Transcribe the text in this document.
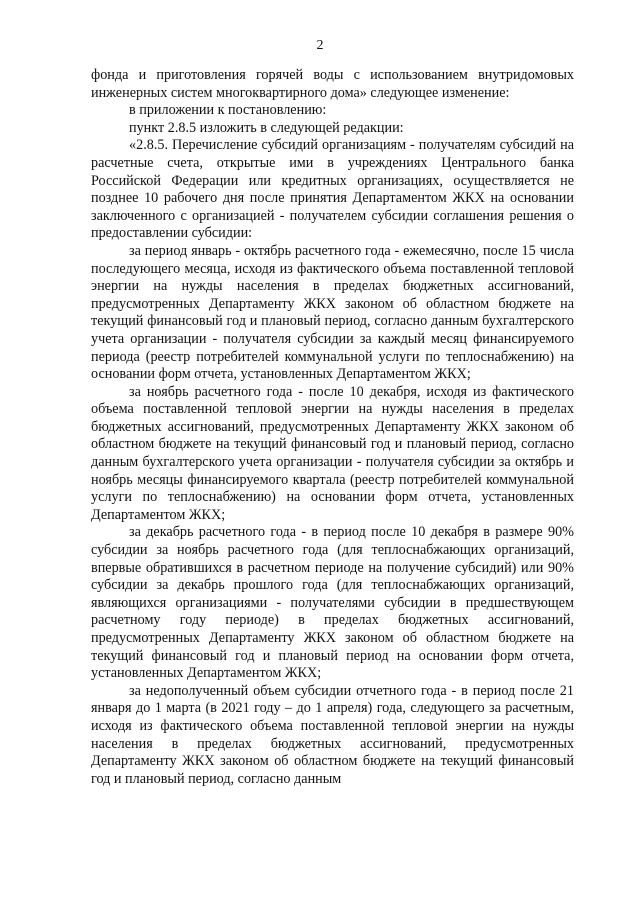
2

фонда и приготовления горячей воды с использованием внутридомовых инженерных систем многоквартирного дома» следующее изменение:

в приложении к постановлению:

пункт 2.8.5 изложить в следующей редакции:

«2.8.5. Перечисление субсидий организациям - получателям субсидий на расчетные счета, открытые ими в учреждениях Центрального банка Российской Федерации или кредитных организациях, осуществляется не позднее 10 рабочего дня после принятия Департаментом ЖКХ на основании заключенного с организацией - получателем субсидии соглашения решения о предоставлении субсидии:

за период январь - октябрь расчетного года - ежемесячно, после 15 числа последующего месяца, исходя из фактического объема поставленной тепловой энергии на нужды населения в пределах бюджетных ассигнований, предусмотренных Департаменту ЖКХ законом об областном бюджете на текущий финансовый год и плановый период, согласно данным бухгалтерского учета организации - получателя субсидии за каждый месяц финансируемого периода (реестр потребителей коммунальной услуги по теплоснабжению) на основании форм отчета, установленных Департаментом ЖКХ;

за ноябрь расчетного года - после 10 декабря, исходя из фактического объема поставленной тепловой энергии на нужды населения в пределах бюджетных ассигнований, предусмотренных Департаменту ЖКХ законом об областном бюджете на текущий финансовый год и плановый период, согласно данным бухгалтерского учета организации - получателя субсидии за октябрь и ноябрь месяцы финансируемого квартала (реестр потребителей коммунальной услуги по теплоснабжению) на основании форм отчета, установленных Департаментом ЖКХ;

за декабрь расчетного года - в период после 10 декабря в размере 90% субсидии за ноябрь расчетного года (для теплоснабжающих организаций, впервые обратившихся в расчетном периоде на получение субсидий) или 90% субсидии за декабрь прошлого года (для теплоснабжающих организаций, являющихся организациями - получателями субсидии в предшествующем расчетному году периоде) в пределах бюджетных ассигнований, предусмотренных Департаменту ЖКХ законом об областном бюджете на текущий финансовый год и плановый период на основании форм отчета, установленных Департаментом ЖКХ;

за недополученный объем субсидии отчетного года - в период после 21 января до 1 марта (в 2021 году – до 1 апреля) года, следующего за расчетным, исходя из фактического объема поставленной тепловой энергии на нужды населения в пределах бюджетных ассигнований, предусмотренных Департаменту ЖКХ законом об областном бюджете на текущий финансовый год и плановый период, согласно данным
